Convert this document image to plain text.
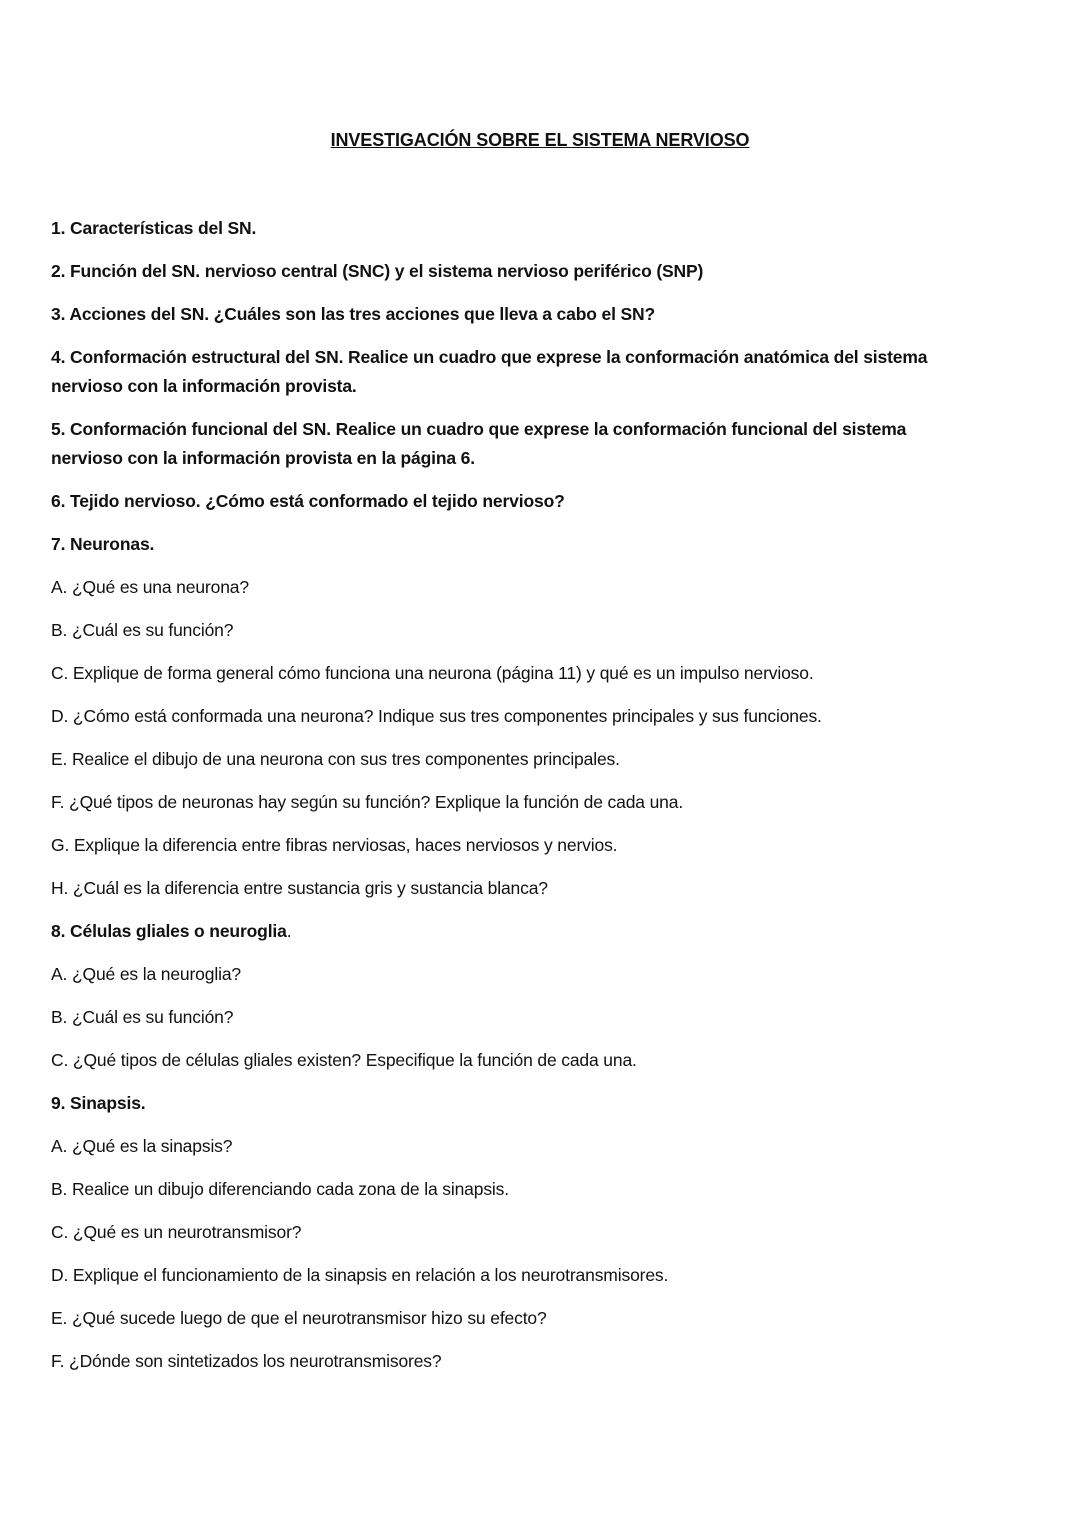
INVESTIGACIÓN SOBRE EL SISTEMA NERVIOSO
1. Características del SN.
2. Función del SN. nervioso central (SNC) y el sistema nervioso periférico (SNP)
3. Acciones del SN. ¿Cuáles son las tres acciones que lleva a cabo el SN?
4. Conformación estructural del SN. Realice un cuadro que exprese la conformación anatómica del sistema
nervioso con la información provista.
5. Conformación funcional del SN. Realice un cuadro que exprese la conformación funcional del sistema
nervioso con la información provista en la página 6.
6. Tejido nervioso. ¿Cómo está conformado el tejido nervioso?
7. Neuronas.
A. ¿Qué es una neurona?
B. ¿Cuál es su función?
C. Explique de forma general cómo funciona una neurona (página 11) y qué es un impulso nervioso.
D. ¿Cómo está conformada una neurona? Indique sus tres componentes principales y sus funciones.
E. Realice el dibujo de una neurona con sus tres componentes principales.
F. ¿Qué tipos de neuronas hay según su función? Explique la función de cada una.
G. Explique la diferencia entre fibras nerviosas, haces nerviosos y nervios.
H. ¿Cuál es la diferencia entre sustancia gris y sustancia blanca?
8. Células gliales o neuroglia.
A. ¿Qué es la neuroglia?
B. ¿Cuál es su función?
C. ¿Qué tipos de células gliales existen? Especifique la función de cada una.
9. Sinapsis.
A. ¿Qué es la sinapsis?
B. Realice un dibujo diferenciando cada zona de la sinapsis.
C. ¿Qué es un neurotransmisor?
D. Explique el funcionamiento de la sinapsis en relación a los neurotransmisores.
E. ¿Qué sucede luego de que el neurotransmisor hizo su efecto?
F. ¿Dónde son sintetizados los neurotransmisores?
